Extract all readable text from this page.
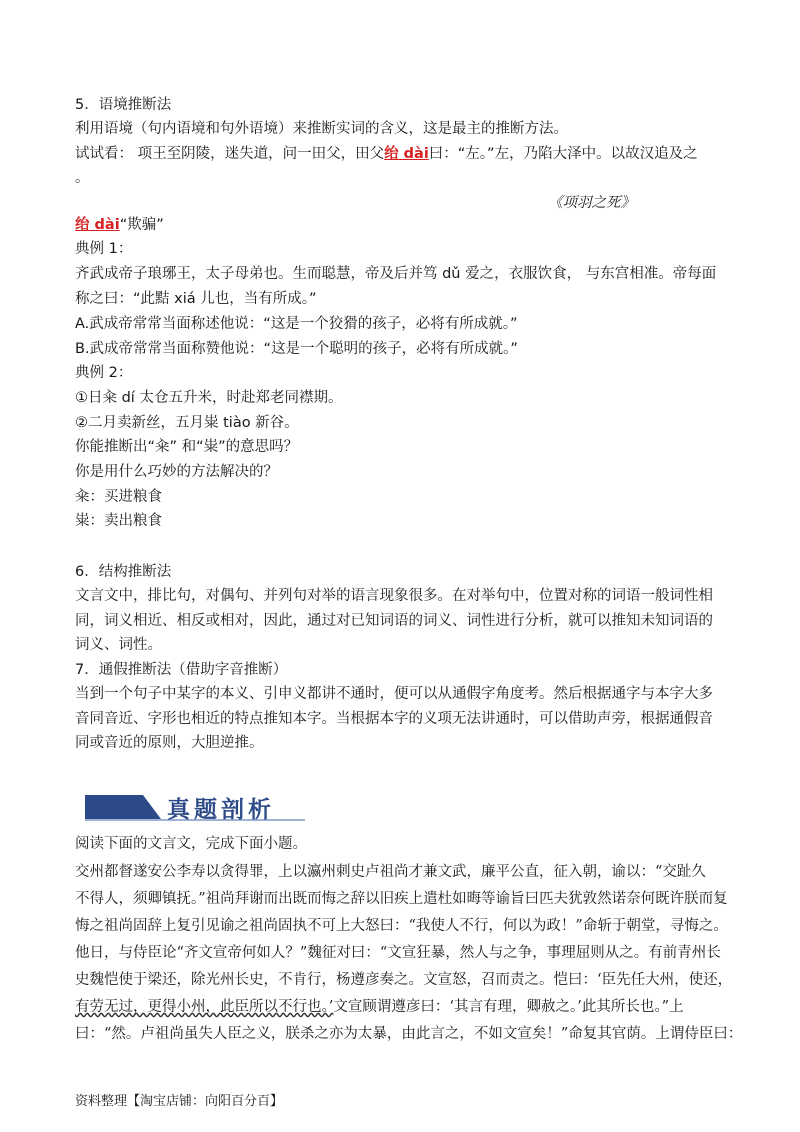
5．语境推断法
利用语境（句内语境和句外语境）来推断实词的含义，这是最主的推断方法。
试试看： 项王至阴陵，迷失道，问一田父，田父绐 dài曰：“左。”左，乃陷大泽中。以故汉追及之
。
《项羽之死》
绐 dài“欺骗”
典例 1：
齐武成帝子琅琊王，太子母弟也。生而聪慧，帝及后并笃 dǔ 爱之，衣服饮食， 与东宫相准。帝每面
称之曰：“此黠 xiá 儿也，当有所成。”
A.武成帝常常当面称述他说：“这是一个狡猾的孩子，必将有所成就。”
B.武成帝常常当面称赞他说：“这是一个聪明的孩子，必将有所成就。”
典例 2：
①日籴 dí 太仓五升米，时赴郑老同襟期。
②二月卖新丝，五月粜 tiào 新谷。
你能推断出“籴” 和“粜”的意思吗？
你是用什么巧妙的方法解决的？
籴：买进粮食
粜：卖出粮食
6．结构推断法
文言文中，排比句，对偶句、并列句对举的语言现象很多。在对举句中，位置对称的词语一般词性相
同，词义相近、相反或相对，因此，通过对已知词语的词义、词性进行分析，就可以推知未知词语的
词义、词性。
7．通假推断法（借助字音推断）
当到一个句子中某字的本义、引申义都讲不通时，便可以从通假字角度考。然后根据通字与本字大多
音同音近、字形也相近的特点推知本字。当根据本字的义项无法讲通时，可以借助声旁，根据通假音
同或音近的原则，大胆逆推。
真题剖析
阅读下面的文言文，完成下面小题。
交州都督遂安公李寿以贪得罪，上以瀛州刺史卢祖尚才兼文武，廉平公直，征入朝，谕以：“交趾久
不得人，须卿镇抚。”祖尚拜谢而出既而悔之辞以旧疾上遣杜如晦等谕旨曰匹夫犹敦然诺奈何既许朕而复
悔之祖尚固辞上复引见谕之祖尚固执不可上大怒曰：“我使人不行，何以为政！”命斩于朝堂，寻悔之。
他日，与侍臣论“齐文宣帝何如人？”魏征对曰：“文宣狂暴，然人与之争，事理屈则从之。有前青州长
史魏恺使于梁还，除光州长史，不肯行，杨遵彦奏之。文宣怒，召而责之。恺曰：‘臣先任大州，使还，
有劳无过，更得小州，此臣所以不行也。’文宣顾谓遵彦曰：‘其言有理，卿赦之。’此其所长也。”上
曰：“然。卢祖尚虽失人臣之义，朕杀之亦为太暴，由此言之，不如文宣矣！”命复其官荫。上谓侍臣曰：
资料整理【淘宝店铺：向阳百分百】
